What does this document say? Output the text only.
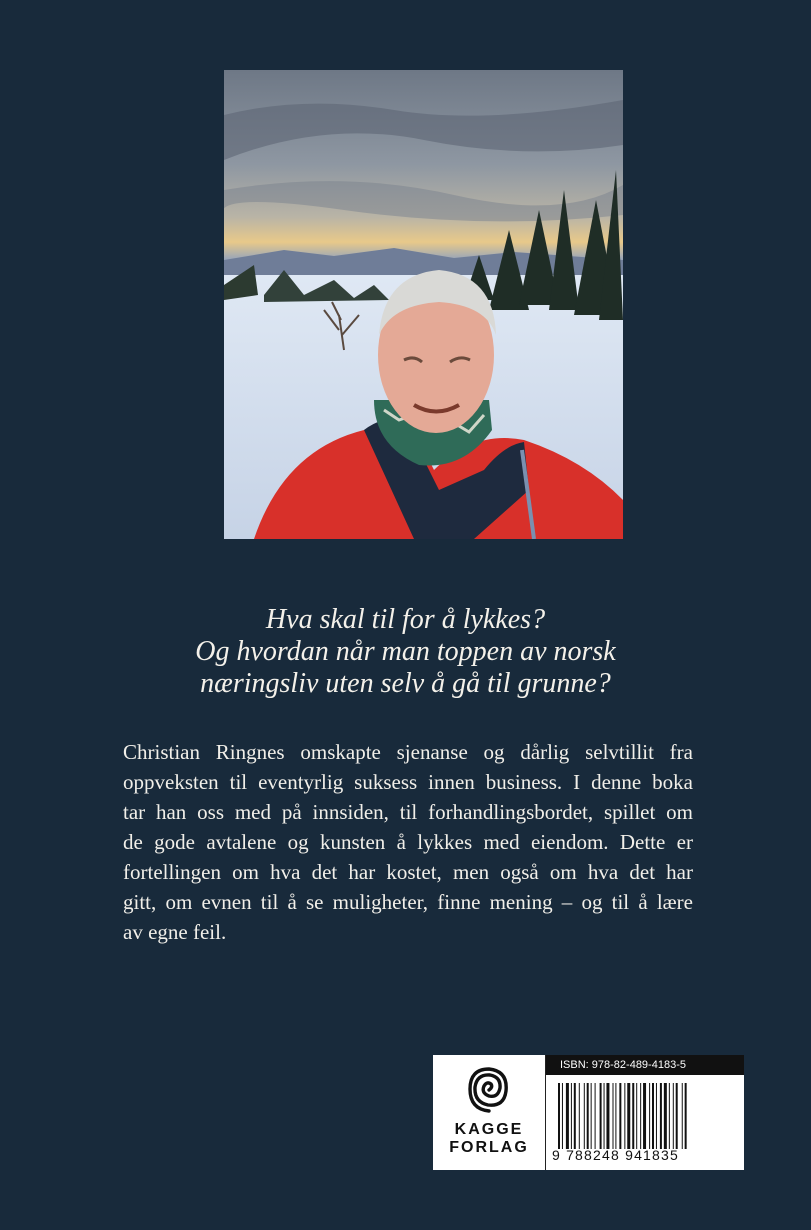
Hva skal til for å lykkes?
Og hvordan når man toppen av norsk
næringsliv uten selv å gå til grunne?
Christian Ringnes omskapte sjenanse og dårlig selvtillit fra
oppveksten til eventyrlig suksess innen business. I denne boka
tar han oss med på innsiden, til forhandlingsbordet, spillet om
de gode avtalene og kunsten å lykkes med eiendom. Dette er
fortellingen om hva det har kostet, men også om hva det har
gitt, om evnen til å se muligheter, finne mening – og til å lære
av egne feil.
KAGGE
FORLAG
ISBN: 978-82-489-4183-5
9 788248 941835
